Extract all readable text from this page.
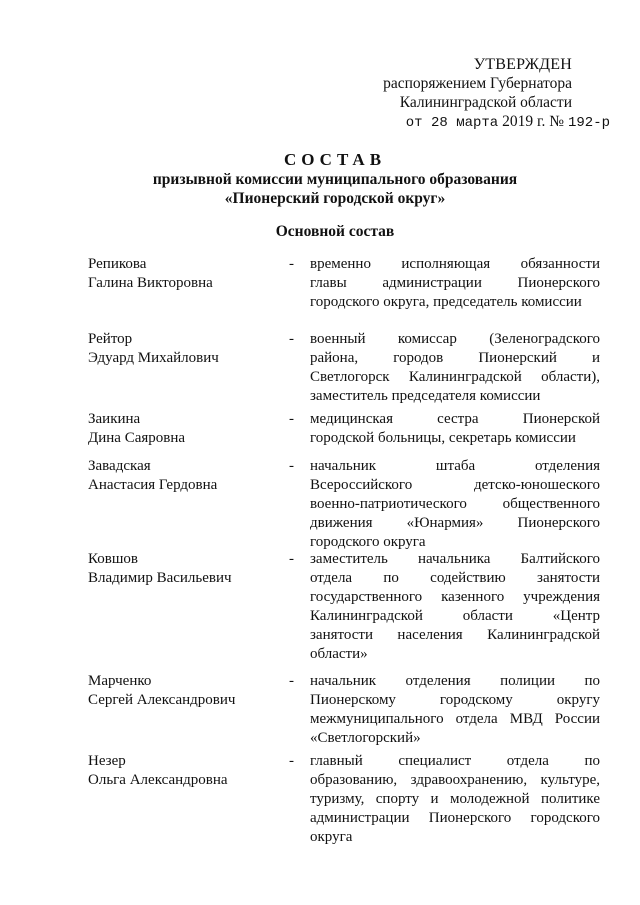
УТВЕРЖДЕН
распоряжением Губернатора
Калининградской области
от 28 марта 2019 г. № 192-р
СОСТАВ
призывной комиссии муниципального образования
«Пионерский городской округ»
Основной состав
Репикова
Галина Викторовна
-	временно исполняющая обязанности
главы администрации Пионерского
городского округа, председатель комиссии
Рейтор
Эдуард Михайлович
-	военный комиссар (Зеленоградского
района, городов Пионерский и
Светлогорск Калининградской области),
заместитель председателя комиссии
Заикина
Дина Саяровна
-	медицинская сестра Пионерской
городской больницы, секретарь комиссии
Завадская
Анастасия Гердовна
-	начальник штаба отделения
Всероссийского детско-юношеского
военно-патриотического общественного
движения «Юнармия» Пионерского
городского округа
Ковшов
Владимир Васильевич
-	заместитель начальника Балтийского
отдела по содействию занятости
государственного казенного учреждения
Калининградской области «Центр
занятости населения Калининградской
области»
Марченко
Сергей Александрович
-	начальник отделения полиции по
Пионерскому городскому округу
межмуниципального отдела МВД России
«Светлогорский»
Незер
Ольга Александровна
-	главный специалист отдела по
образованию, здравоохранению, культуре,
туризму, спорту и молодежной политике
администрации Пионерского городского
округа
